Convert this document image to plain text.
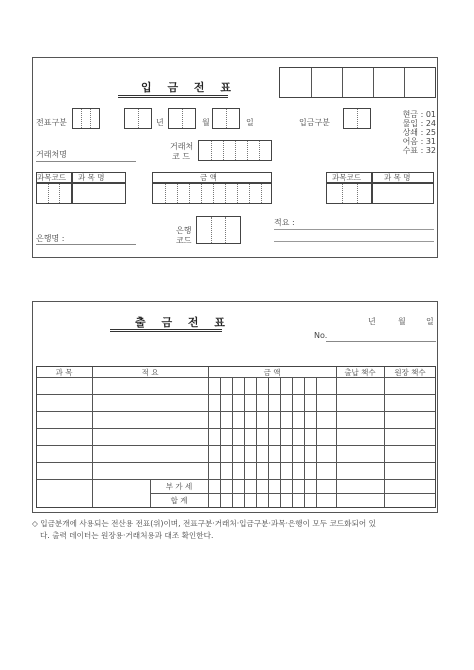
입 금 전 표
전표구분	년	월	일	입금구분
현금 : 01
물입 : 24
상쇄 : 25
어음 : 31
수표 : 32
거래처명
거래처
코 드
과목코드 과 목 명	금 액	과목코드	과 목 명
은행명 :
은행
코드
적요 :
출 금 전 표	년	월	일
No.
과 목	적 요	금 액	출납 책수	원장 책수
부 가 세
합 계
◇ 입금분개에 사용되는 전산용 전표(위)이며, 전표구분·거래처·입금구분·과목·은행이 모두 코드화되어 있
다. 출력 데이터는 원장용·거래처용과 대조 확인한다.
